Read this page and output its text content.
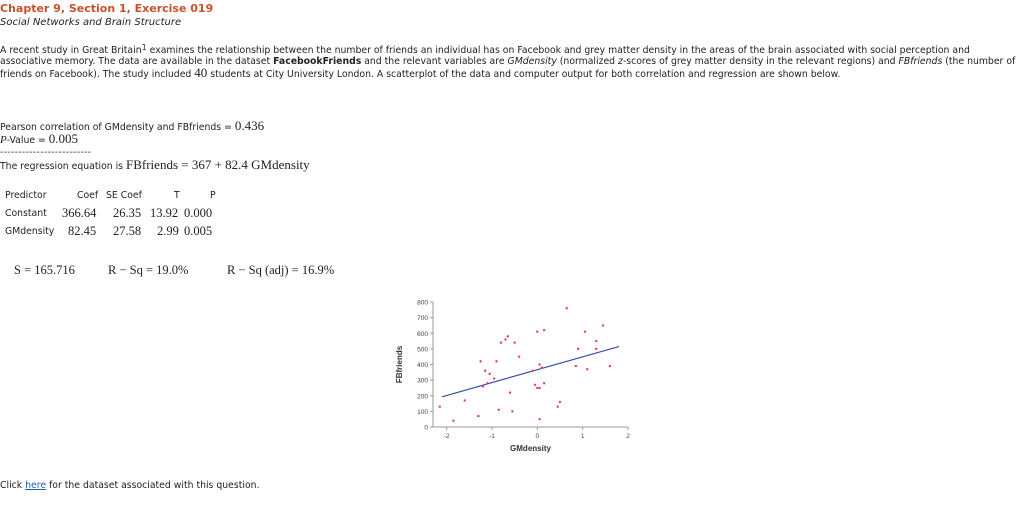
Chapter 9, Section 1, Exercise 019
Social Networks and Brain Structure
A recent study in Great Britain$^1$ examines the relationship between the number of friends an individual has on Facebook and grey matter density in the areas of the brain associated with social perception and associative memory. The data are available in the dataset FacebookFriends and the relevant variables are GMdensity (normalized z-scores of grey matter density in the relevant regions) and FBfriends (the number of friends on Facebook). The study included 40 students at City University London. A scatterplot of the data and computer output for both correlation and regression are shown below.
Pearson correlation of GMdensity and FBfriends = 0.436
P-Value = 0.005
-------------------------
The regression equation is FBfriends = 367 + 82.4 GMdensity
Predictor	Coef SE Coef	T	P
Constant 366.64 26.35 13.92 0.000
GMdensity 82.45 27.58 2.99 0.005
S = 165.716	R − Sq = 19.0%	R − Sq (adj) = 16.9%
0
100
200
300
400
500
600
700
800
-2	-1	0	1	2
GMdensity
FBfriends
Click here for the dataset associated with this question.
